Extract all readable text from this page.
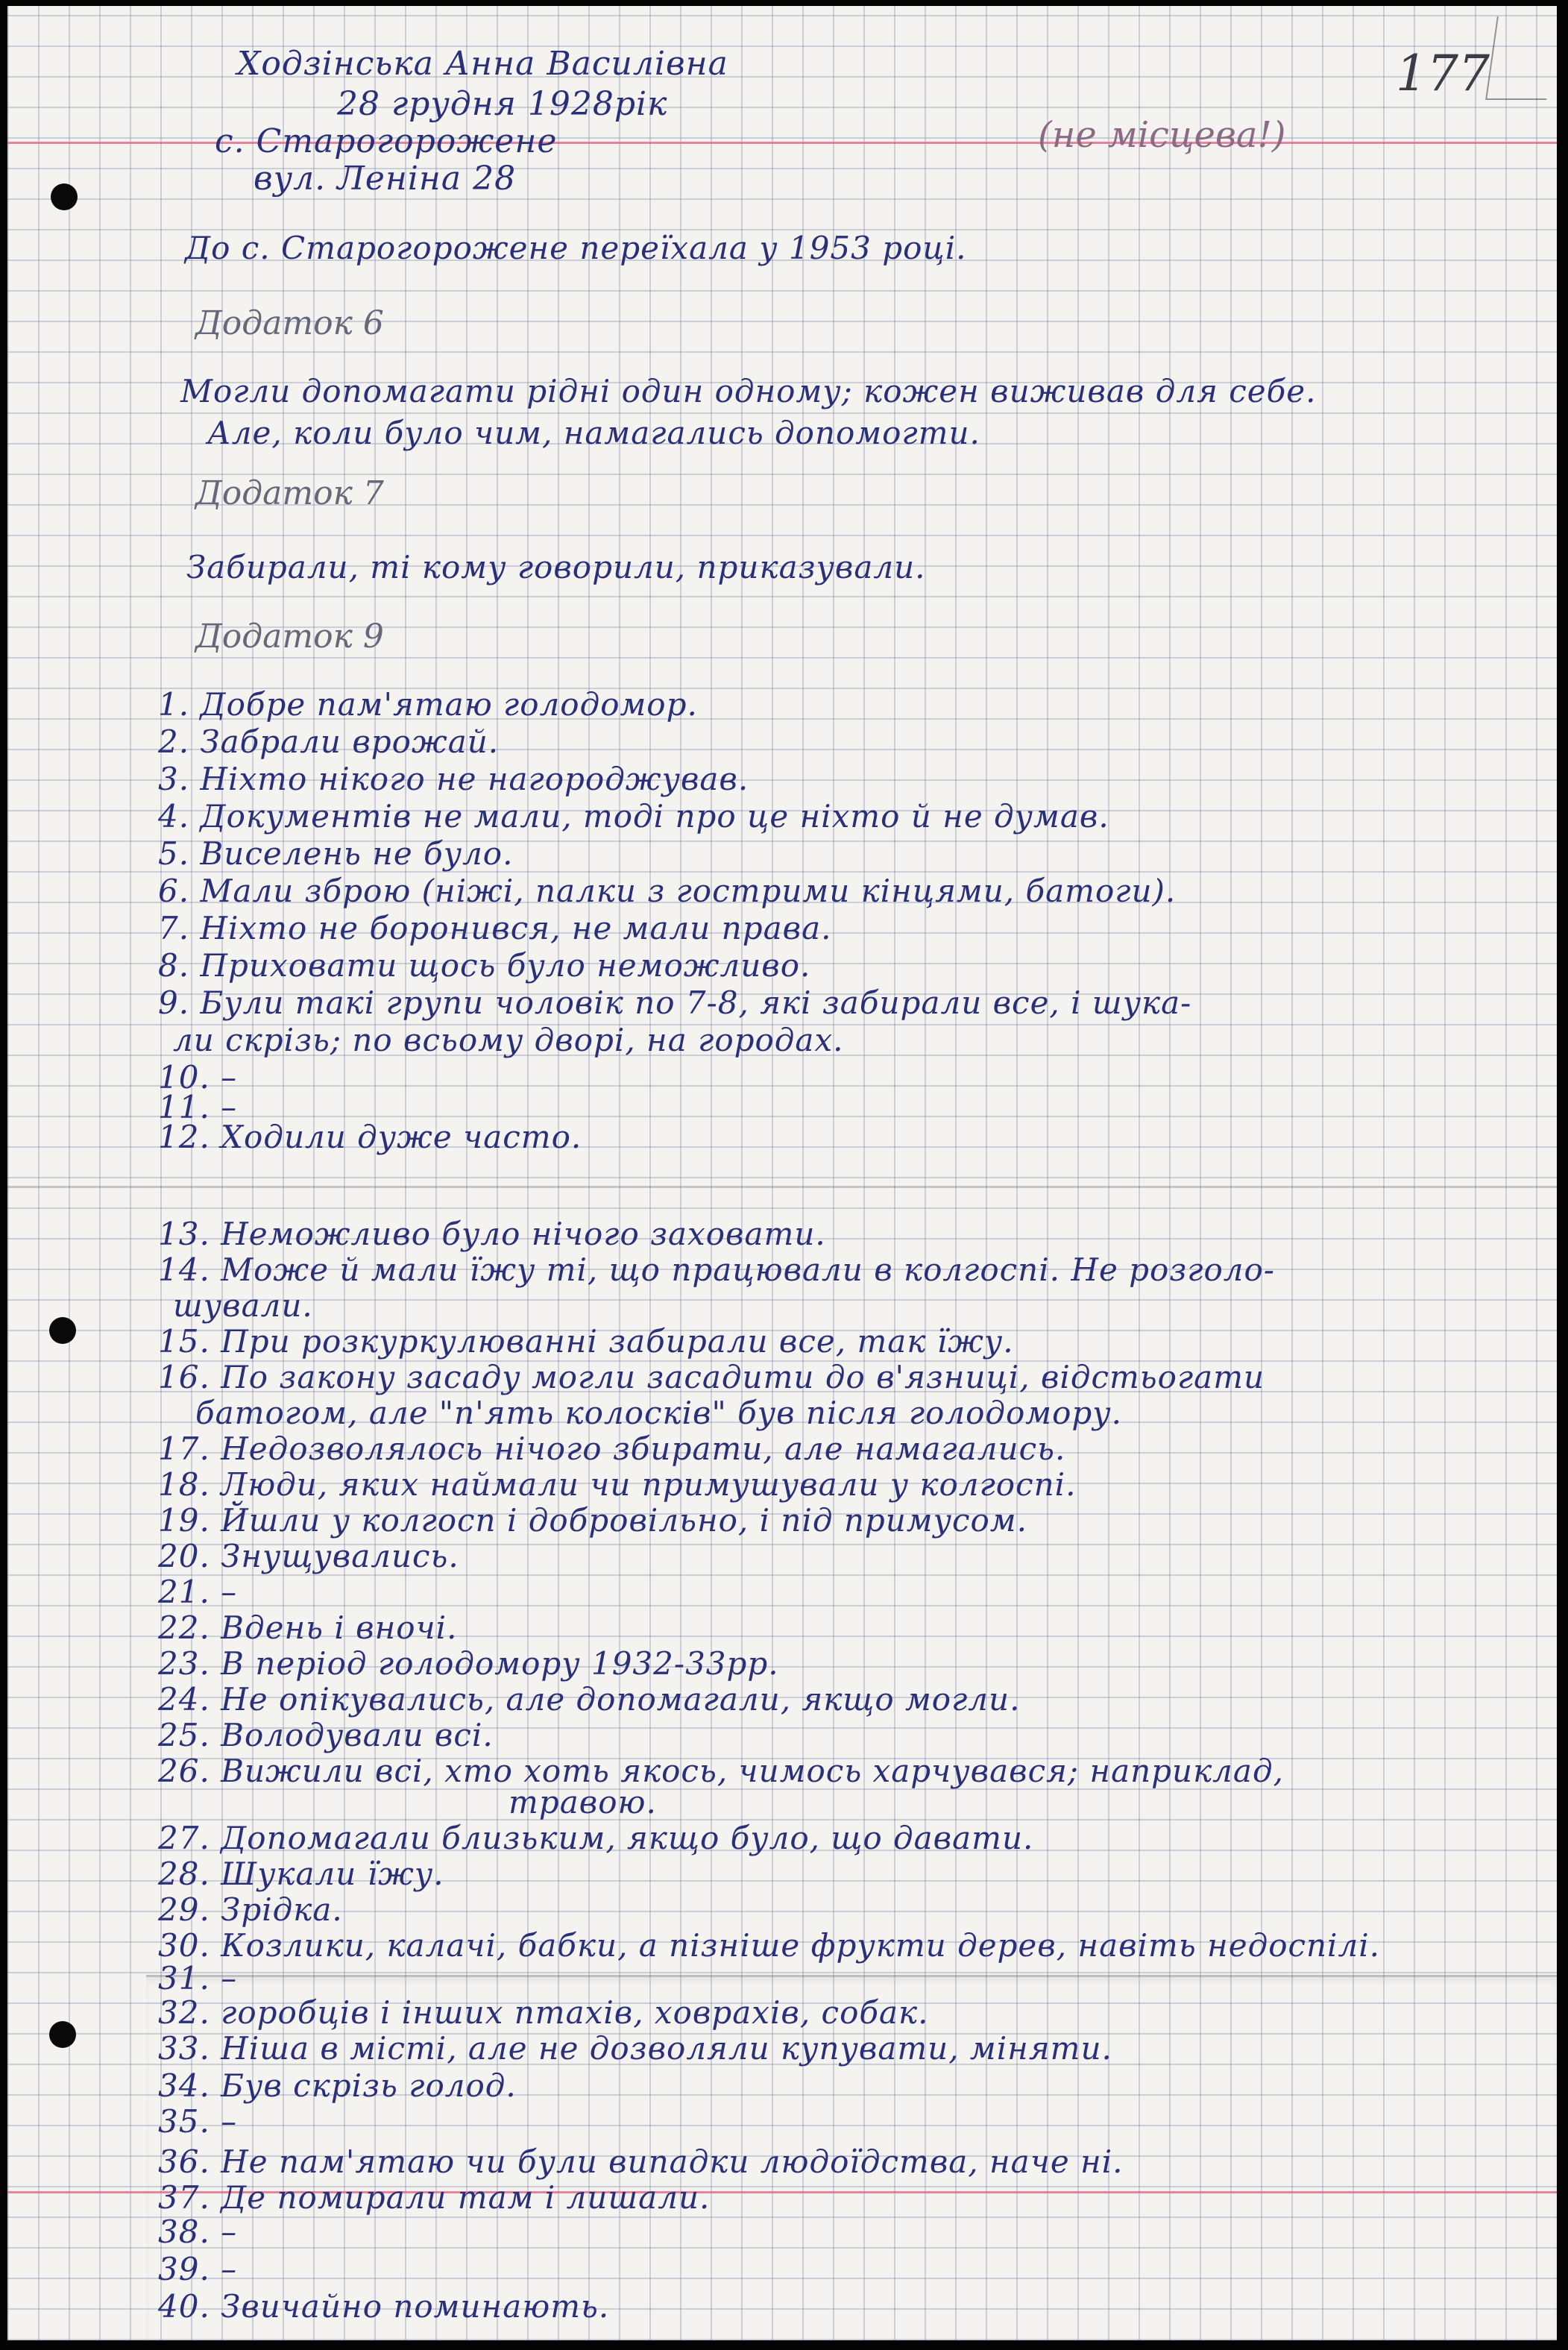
177
(не місцева!)
Ходзінська Анна Василівна
28 грудня 1928рік
с. Старогорожене
вул. Леніна 28
До с. Старогорожене переїхала у 1953 році.
Додаток 6
Могли допомагати рідні один одному; кожен виживав для себе.
Але, коли було чим, намагались допомогти.
Додаток 7
Забирали, ті кому говорили, приказували.
Додаток 9
1. Добре пам'ятаю голодомор.
2. Забрали врожай.
3. Ніхто нікого не нагороджував.
4. Документів не мали, тоді про це ніхто й не думав.
5. Виселень не було.
6. Мали зброю (ніжі, палки з гострими кінцями, батоги).
7. Ніхто не боронився, не мали права.
8. Приховати щось було неможливо.
9. Були такі групи чоловік по 7-8, які забирали все, і шука-
ли скрізь; по всьому дворі, на городах.
10. –
11. –
12. Ходили дуже часто.
13. Неможливо було нічого заховати.
14. Може й мали їжу ті, що працювали в колгоспі. Не розголо-
шували.
15. При розкуркулюванні забирали все, так їжу.
16. По закону засаду могли засадити до в'язниці, відстьогати
батогом, але "п'ять колосків" був після голодомору.
17. Недозволялось нічого збирати, але намагались.
18. Люди, яких наймали чи примушували у колгоспі.
19. Йшли у колгосп і добровільно, і під примусом.
20. Знущувались.
21. –
22. Вдень і вночі.
23. В період голодомору 1932-33рр.
24. Не опікувались, але допомагали, якщо могли.
25. Володували всі.
26. Вижили всі, хто хоть якось, чимось харчувався; наприклад,
травою.
27. Допомагали близьким, якщо було, що давати.
28. Шукали їжу.
29. Зрідка.
30. Козлики, калачі, бабки, а пізніше фрукти дерев, навіть недоспілі.
31. –
32. горобців і інших птахів, ховрахів, собак.
33. Ніша в місті, але не дозволяли купувати, міняти.
34. Був скрізь голод.
35. –
36. Не пам'ятаю чи були випадки людоїдства, наче ні.
37. Де помирали там і лишали.
38. –
39. –
40. Звичайно поминають.
